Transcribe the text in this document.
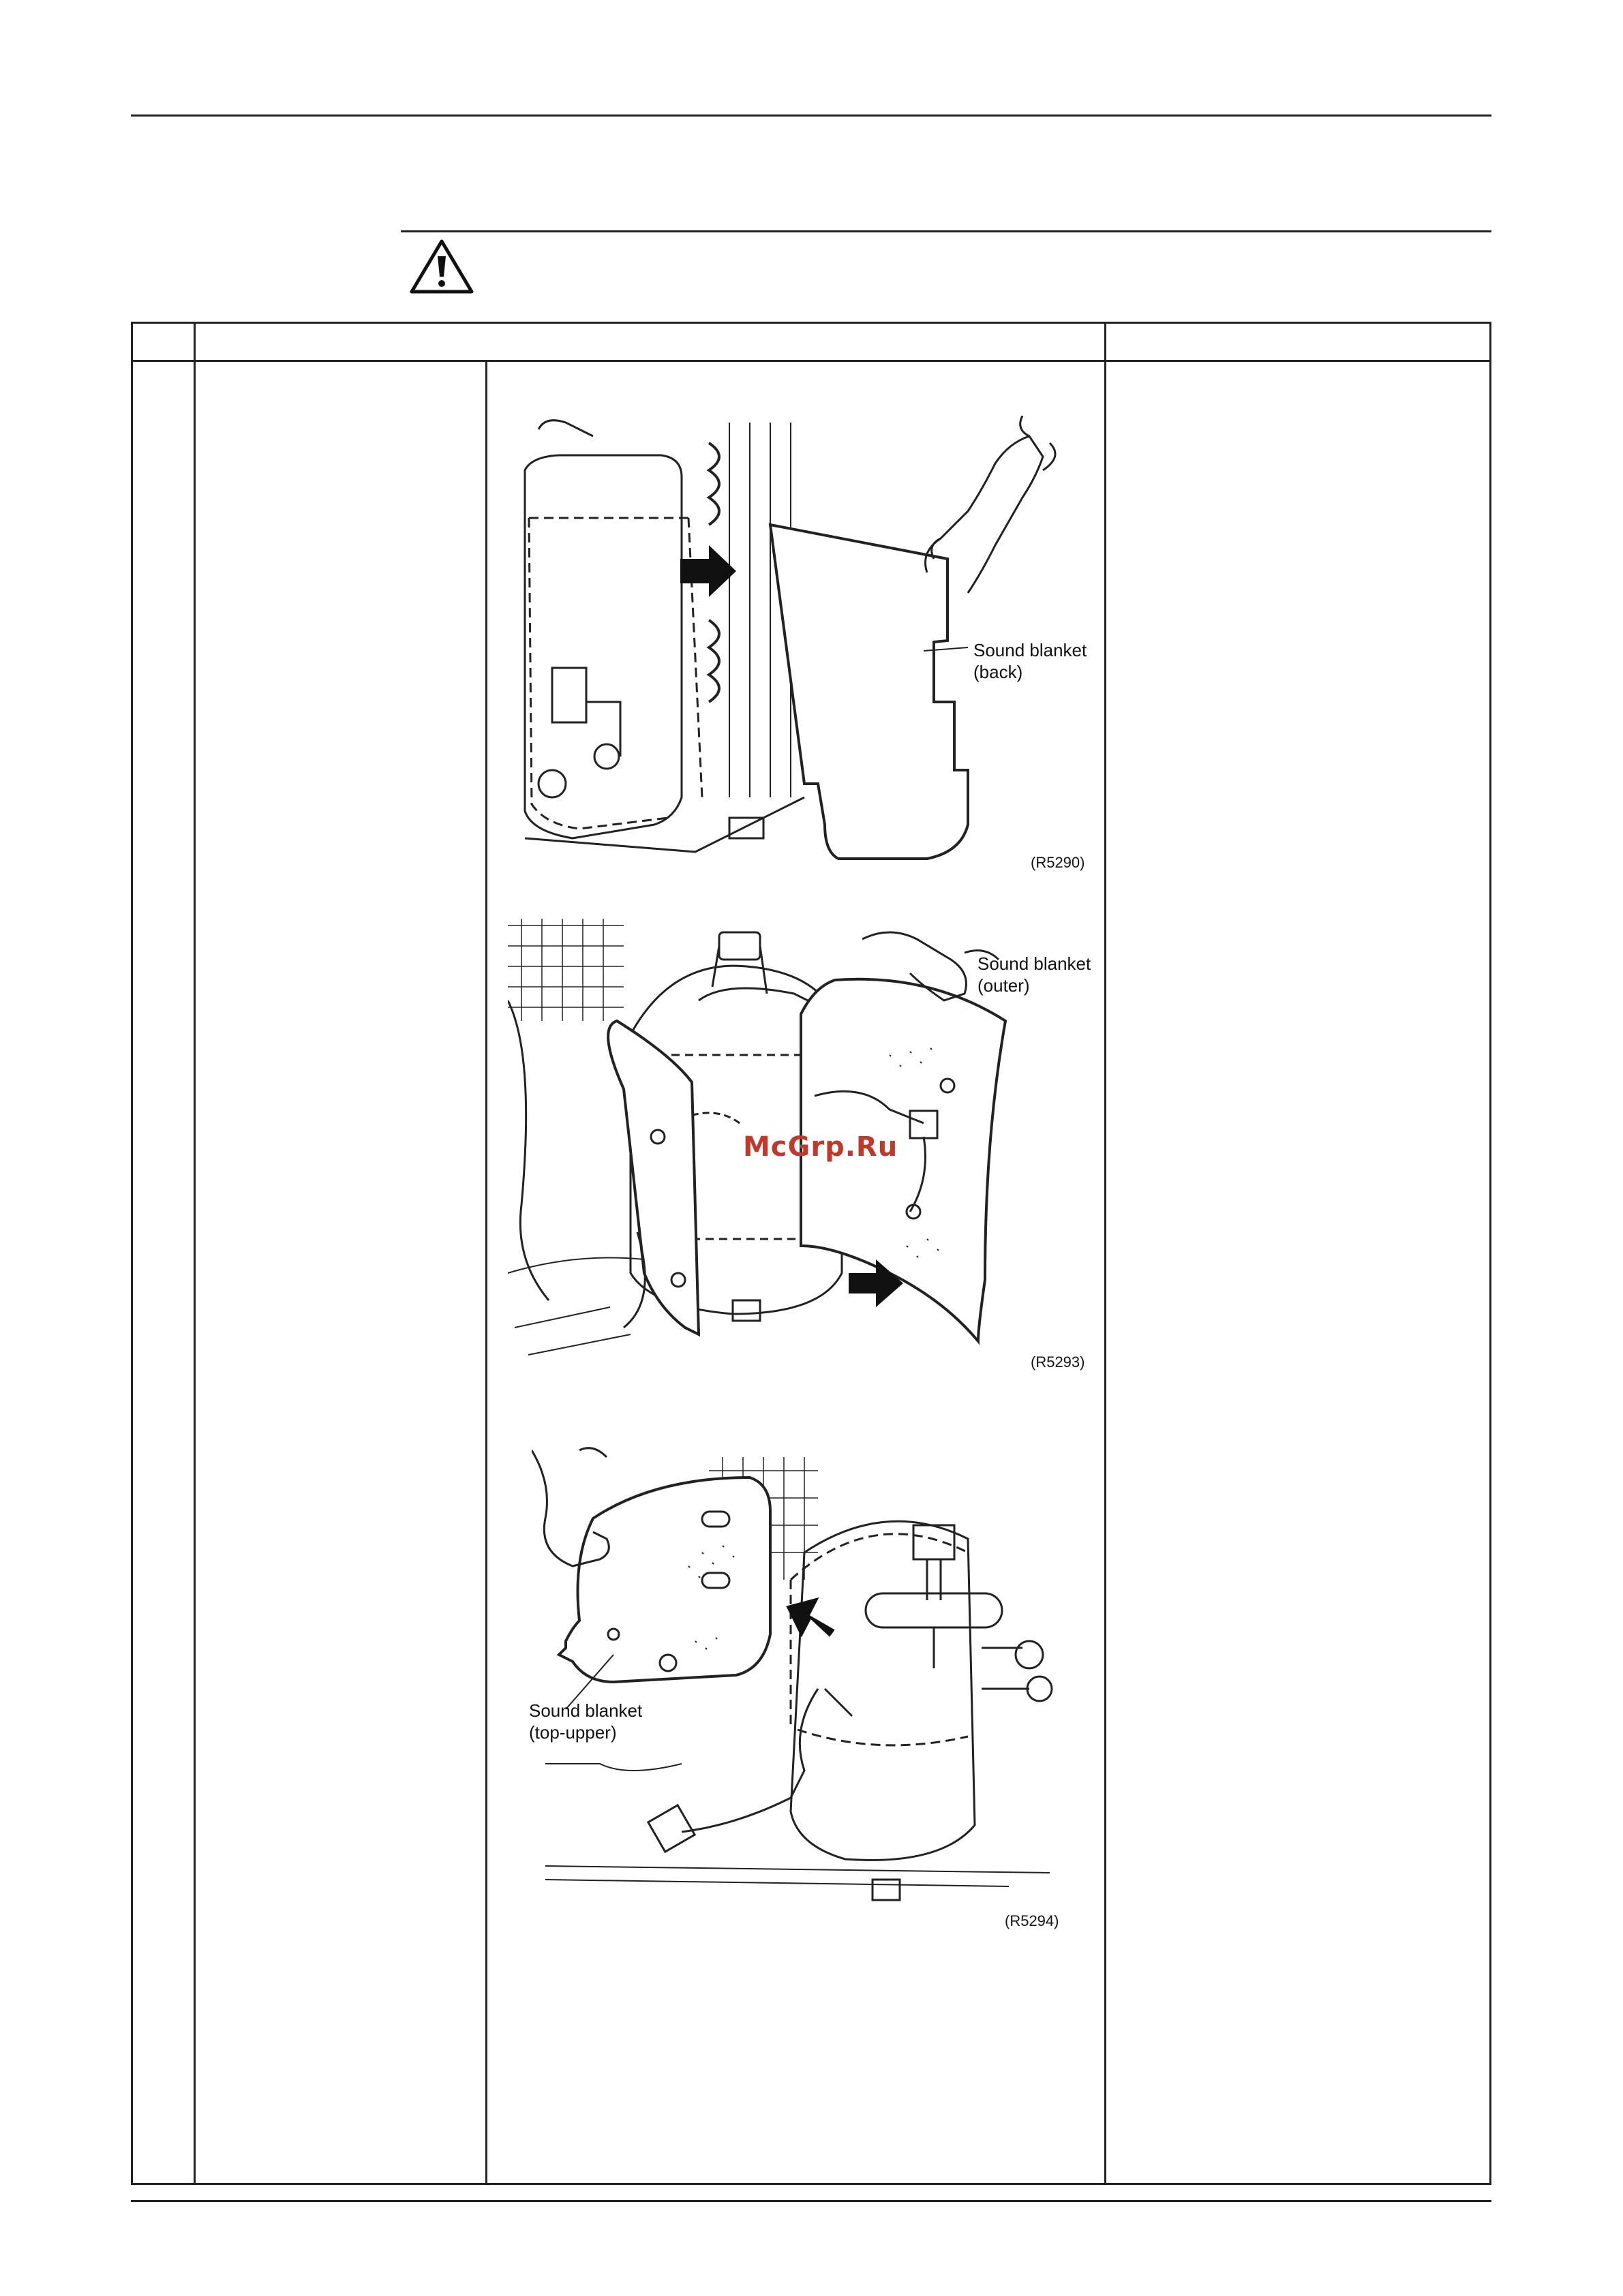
Sound blanket
(back)
(R5290)
Sound blanket
(outer)
McGrp.Ru
(R5293)
Sound blanket
(top-upper)
(R5294)
